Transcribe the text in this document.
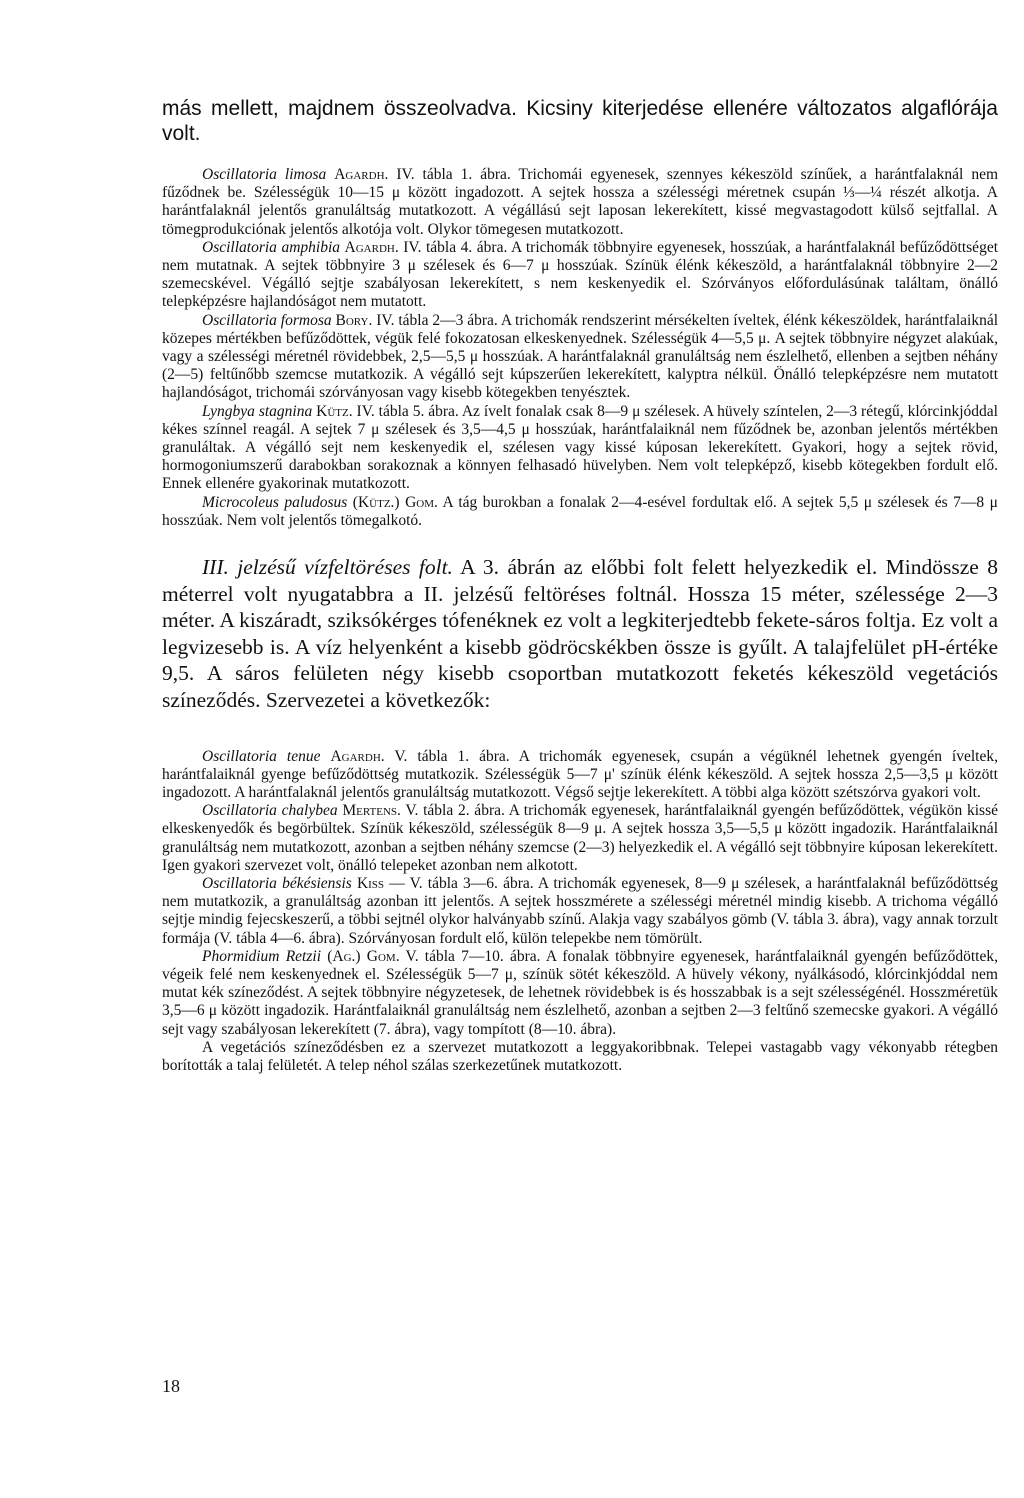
más mellett, majdnem összeolvadva. Kicsiny kiterjedése ellenére változatos algaflórája volt.

Oscillatoria limosa Agardh. IV. tábla 1. ábra. Trichomái egyenesek, szennyes kékeszöld színűek, a harántfalaknál nem fűződnek be. Szélességük 10—15 μ között ingadozott. A sejtek hossza a szélességi méretnek csupán ⅓—¼ részét alkotja. A harántfalaknál jelentős granuláltság mutatkozott. A végállású sejt laposan lekerekített, kissé megvastagodott külső sejtfallal. A tömegprodukciónak jelentős alkotója volt. Olykor tömegesen mutatkozott.

Oscillatoria amphibia Agardh. IV. tábla 4. ábra. A trichomák többnyire egyenesek, hosszúak, a harántfalaknál befűződöttséget nem mutatnak. A sejtek többnyire 3 μ szélesek és 6—7 μ hosszúak. Színük élénk kékeszöld, a harántfalaknál többnyire 2—2 szemecskével. Végálló sejtje szabályosan lekerekített, s nem keskenyedik el. Szórványos előfordulásúnak találtam, önálló telepképzésre hajlandóságot nem mutatott.

Oscillatoria formosa Bory. IV. tábla 2—3 ábra. A trichomák rendszerint mérsékelten íveltek, élénk kékeszöldek, harántfalaiknál közepes mértékben befűződöttek, végük felé fokozatosan elkeskenyednek. Szélességük 4—5,5 μ. A sejtek többnyire négyzet alakúak, vagy a szélességi méretnél rövidebbek, 2,5—5,5 μ hosszúak. A harántfalaknál granuláltság nem észlelhető, ellenben a sejtben néhány (2—5) feltűnőbb szemcse mutatkozik. A végálló sejt kúpszerűen lekerekített, kalyptra nélkül. Önálló telepképzésre nem mutatott hajlandóságot, trichomái szórványosan vagy kisebb kötegekben tenyésztek.

Lyngbya stagnina Kütz. IV. tábla 5. ábra. Az ívelt fonalak csak 8—9 μ szélesek. A hüvely színtelen, 2—3 rétegű, klórcinkjóddal kékes színnel reagál. A sejtek 7 μ szélesek és 3,5—4,5 μ hosszúak, harántfalaiknál nem fűződnek be, azonban jelentős mértékben granuláltak. A végálló sejt nem keskenyedik el, szélesen vagy kissé kúposan lekerekített. Gyakori, hogy a sejtek rövid, hormogoniumszerű darabokban sorakoznak a könnyen felhasadó hüvelyben. Nem volt telepképző, kisebb kötegekben fordult elő. Ennek ellenére gyakorinak mutatkozott.

Microcoleus paludosus (Kütz.) Gom. A tág burokban a fonalak 2—4-esével fordultak elő. A sejtek 5,5 μ szélesek és 7—8 μ hosszúak. Nem volt jelentős tömegalkotó.

III. jelzésű vízfeltöréses folt. A 3. ábrán az előbbi folt felett helyezkedik el. Mindössze 8 méterrel volt nyugatabbra a II. jelzésű feltöréses foltnál. Hossza 15 méter, szélessége 2—3 méter. A kiszáradt, sziksókérges tófenéknek ez volt a legkiterjedtebb fekete-sáros foltja. Ez volt a legvizesebb is. A víz helyenként a kisebb gödröcskékben össze is gyűlt. A talajfelület pH-értéke 9,5. A sáros felületen négy kisebb csoportban mutatkozott feketés kékeszöld vegetációs színeződés. Szervezetei a következők:

Oscillatoria tenue Agardh. V. tábla 1. ábra. A trichomák egyenesek, csupán a végüknél lehetnek gyengén íveltek, harántfalaiknál gyenge befűződöttség mutatkozik. Szélességük 5—7 μ' színük élénk kékeszöld. A sejtek hossza 2,5—3,5 μ között ingadozott. A harántfalaknál jelentős granuláltság mutatkozott. Végső sejtje lekerekített. A többi alga között szétszórva gyakori volt.

Oscillatoria chalybea Mertens. V. tábla 2. ábra. A trichomák egyenesek, harántfalaiknál gyengén befűződöttek, végükön kissé elkeskenyedők és begörbültek. Színük kékeszöld, szélességük 8—9 μ. A sejtek hossza 3,5—5,5 μ között ingadozik. Harántfalaiknál granuláltság nem mutatkozott, azonban a sejtben néhány szemcse (2—3) helyezkedik el. A végálló sejt többnyire kúposan lekerekített. Igen gyakori szervezet volt, önálló telepeket azonban nem alkotott.

Oscillatoria békésiensis Kiss — V. tábla 3—6. ábra. A trichomák egyenesek, 8—9 μ szélesek, a harántfalaknál befűződöttség nem mutatkozik, a granuláltság azonban itt jelentős. A sejtek hosszmérete a szélességi méretnél mindig kisebb. A trichoma végálló sejtje mindig fejecskeszerű, a többi sejtnél olykor halványabb színű. Alakja vagy szabályos gömb (V. tábla 3. ábra), vagy annak torzult formája (V. tábla 4—6. ábra). Szórványosan fordult elő, külön telepekbe nem tömörült.

Phormidium Retzii (Ag.) Gom. V. tábla 7—10. ábra. A fonalak többnyire egyenesek, harántfalaiknál gyengén befűződöttek, végeik felé nem keskenyednek el. Szélességük 5—7 μ, színük sötét kékeszöld. A hüvely vékony, nyálkásodó, klórcinkjóddal nem mutat kék színeződést. A sejtek többnyire négyzetesek, de lehetnek rövidebbek is és hosszabbak is a sejt szélességénél. Hosszméretük 3,5—6 μ között ingadozik. Harántfalaiknál granuláltság nem észlelhető, azonban a sejtben 2—3 feltűnő szemecske gyakori. A végálló sejt vagy szabályosan lekerekített (7. ábra), vagy tompított (8—10. ábra).

A vegetációs színeződésben ez a szervezet mutatkozott a leggyakoribbnak. Telepei vastagabb vagy vékonyabb rétegben borították a talaj felületét. A telep néhol szálas szerkezetűnek mutatkozott.

18
